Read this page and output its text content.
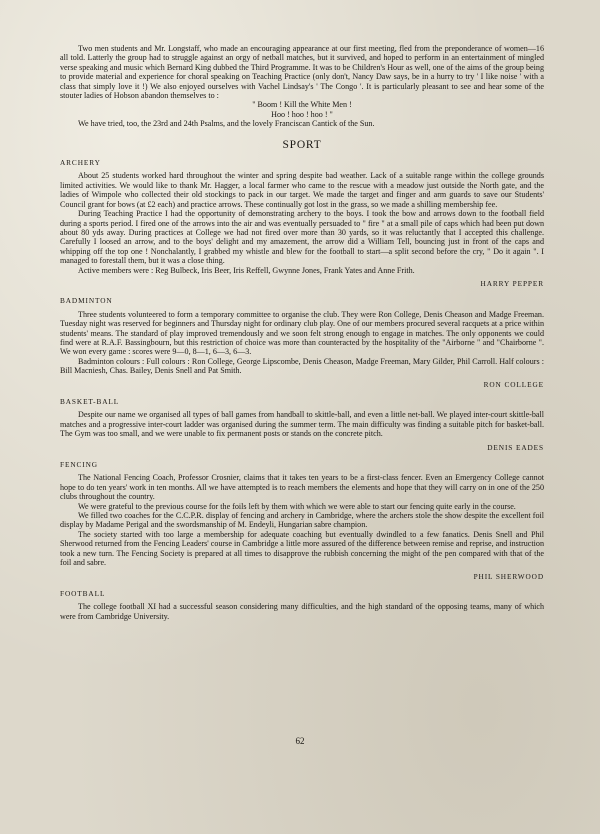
Two men students and Mr. Longstaff, who made an encouraging appearance at our first meeting, fled from the preponderance of women—16 all told. Latterly the group had to struggle against an orgy of netball matches, but it survived, and hoped to perform in an entertainment of mingled verse speaking and music which Bernard King dubbed the Third Programme. It was to be Children's Hour as well, one of the aims of the group being to provide material and experience for choral speaking on Teaching Practice (only don't, Nancy Daw says, be in a hurry to try ' I like noise ' with a class that simply love it !) We also enjoyed ourselves with Vachel Lindsay's ' The Congo '. It is particularly pleasant to see and hear some of the stouter ladies of Hobson abandon themselves to :

" Boom ! Kill the White Men !

Hoo ! hoo ! hoo ! "

We have tried, too, the 23rd and 24th Psalms, and the lovely Franciscan Cantick of the Sun.

SPORT

ARCHERY

About 25 students worked hard throughout the winter and spring despite bad weather. Lack of a suitable range within the college grounds limited activities. We would like to thank Mr. Hagger, a local farmer who came to the rescue with a meadow just outside the North gate, and the ladies of Wimpole who collected their old stockings to pack in our target. We made the target and finger and arm guards to save our Students' Council grant for bows (at £2 each) and practice arrows. These continually got lost in the grass, so we made a shilling membership fee.

During Teaching Practice I had the opportunity of demonstrating archery to the boys. I took the bow and arrows down to the football field during a sports period. I fired one of the arrows into the air and was eventually persuaded to " fire " at a small pile of caps which had been put down about 80 yds away. During practices at College we had not fired over more than 30 yards, so it was reluctantly that I accepted this challenge. Carefully I loosed an arrow, and to the boys' delight and my amazement, the arrow did a William Tell, bouncing just in front of the caps and whipping off the top one ! Nonchalantly, I grabbed my whistle and blew for the football to start—a split second before the cry, " Do it again ". I managed to forestall them, but it was a close thing.

Active members were : Reg Bulbeck, Iris Beer, Iris Reffell, Gwynne Jones, Frank Yates and Anne Frith.

HARRY PEPPER

BADMINTON

Three students volunteered to form a temporary committee to organise the club. They were Ron College, Denis Cheason and Madge Freeman. Tuesday night was reserved for beginners and Thursday night for ordinary club play. One of our members procured several racquets at a price within students' means. The standard of play improved tremendously and we soon felt strong enough to engage in matches. The only opponents we could find were at R.A.F. Bassingbourn, but this restriction of choice was more than counteracted by the hospitality of the "Airborne " and "Chairborne ". We won every game : scores were 9—0, 8—1, 6—3, 6—3.

Badminton colours : Full colours : Ron College, George Lipscombe, Denis Cheason, Madge Freeman, Mary Gilder, Phil Carroll. Half colours : Bill Macniesh, Chas. Bailey, Denis Snell and Pat Smith.

RON COLLEGE

BASKET-BALL

Despite our name we organised all types of ball games from handball to skittle-ball, and even a little net-ball. We played inter-court skittle-ball matches and a progressive inter-court ladder was organised during the summer term. The main difficulty was finding a suitable pitch for basket-ball. The Gym was too small, and we were unable to fix permanent posts or stands on the concrete pitch.

DENIS EADES

FENCING

The National Fencing Coach, Professor Crosnier, claims that it takes ten years to be a first-class fencer. Even an Emergency College cannot hope to do ten years' work in ten months. All we have attempted is to reach members the elements and hope that they will carry on in one of the 250 clubs throughout the country.

We were grateful to the previous course for the foils left by them with which we were able to start our fencing quite early in the course.

We filled two coaches for the C.C.P.R. display of fencing and archery in Cambridge, where the archers stole the show despite the excellent foil display by Madame Perigal and the swordsmanship of M. Endeyli, Hungarian sabre champion.

The society started with too large a membership for adequate coaching but eventually dwindled to a few fanatics. Denis Snell and Phil Sherwood returned from the Fencing Leaders' course in Cambridge a little more assured of the difference between remise and reprise, and instruction took a new turn. The Fencing Society is prepared at all times to disapprove the rubbish concerning the might of the pen compared with that of the foil and sabre.

PHIL SHERWOOD

FOOTBALL

The college football XI had a successful season considering many difficulties, and the high standard of the opposing teams, many of which were from Cambridge University.

62
